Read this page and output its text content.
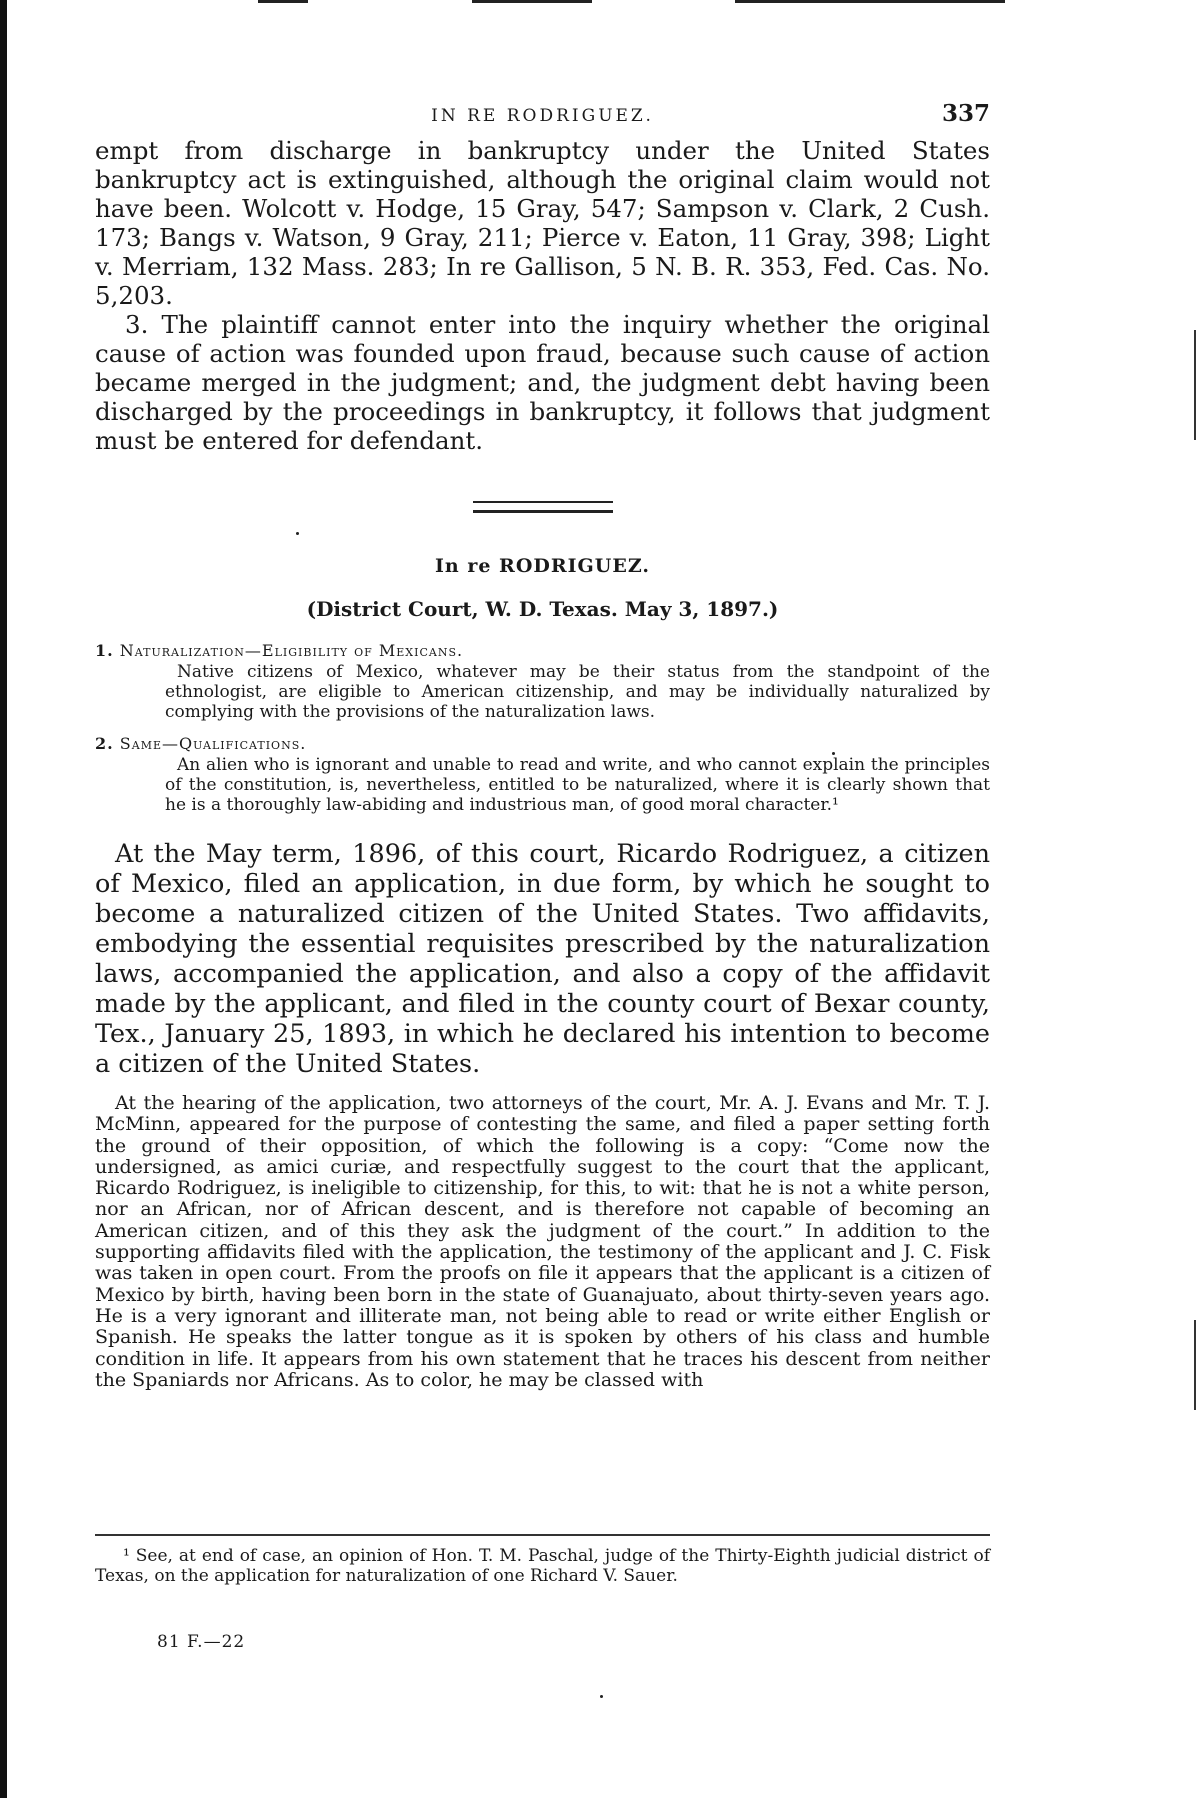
IN RE RODRIGUEZ.	337

empt from discharge in bankruptcy under the United States bankruptcy act is extinguished, although the original claim would not have been. Wolcott v. Hodge, 15 Gray, 547; Sampson v. Clark, 2 Cush. 173; Bangs v. Watson, 9 Gray, 211; Pierce v. Eaton, 11 Gray, 398; Light v. Merriam, 132 Mass. 283; In re Gallison, 5 N. B. R. 353, Fed. Cas. No. 5,203.

3. The plaintiff cannot enter into the inquiry whether the original cause of action was founded upon fraud, because such cause of action became merged in the judgment; and, the judgment debt having been discharged by the proceedings in bankruptcy, it follows that judgment must be entered for defendant.

In re RODRIGUEZ.
(District Court, W. D. Texas. May 3, 1897.)
1. Naturalization—Eligibility of Mexicans.
Native citizens of Mexico, whatever may be their status from the standpoint of the ethnologist, are eligible to American citizenship, and may be individually naturalized by complying with the provisions of the naturalization laws.
2. Same—Qualifications.
An alien who is ignorant and unable to read and write, and who cannot explain the principles of the constitution, is, nevertheless, entitled to be naturalized, where it is clearly shown that he is a thoroughly law-abiding and industrious man, of good moral character.¹

At the May term, 1896, of this court, Ricardo Rodriguez, a citizen of Mexico, filed an application, in due form, by which he sought to become a naturalized citizen of the United States. Two affidavits, embodying the essential requisites prescribed by the naturalization laws, accompanied the application, and also a copy of the affidavit made by the applicant, and filed in the county court of Bexar county, Tex., January 25, 1893, in which he declared his intention to become a citizen of the United States.

At the hearing of the application, two attorneys of the court, Mr. A. J. Evans and Mr. T. J. McMinn, appeared for the purpose of contesting the same, and filed a paper setting forth the ground of their opposition, of which the following is a copy: “Come now the undersigned, as amici curiæ, and respectfully suggest to the court that the applicant, Ricardo Rodriguez, is ineligible to citizenship, for this, to wit: that he is not a white person, nor an African, nor of African descent, and is therefore not capable of becoming an American citizen, and of this they ask the judgment of the court.” In addition to the supporting affidavits filed with the application, the testimony of the applicant and J. C. Fisk was taken in open court. From the proofs on file it appears that the applicant is a citizen of Mexico by birth, having been born in the state of Guanajuato, about thirty-seven years ago. He is a very ignorant and illiterate man, not being able to read or write either English or Spanish. He speaks the latter tongue as it is spoken by others of his class and humble condition in life. It appears from his own statement that he traces his descent from neither the Spaniards nor Africans. As to color, he may be classed with

¹ See, at end of case, an opinion of Hon. T. M. Paschal, judge of the Thirty-Eighth judicial district of Texas, on the application for naturalization of one Richard V. Sauer.
81 F.—22
